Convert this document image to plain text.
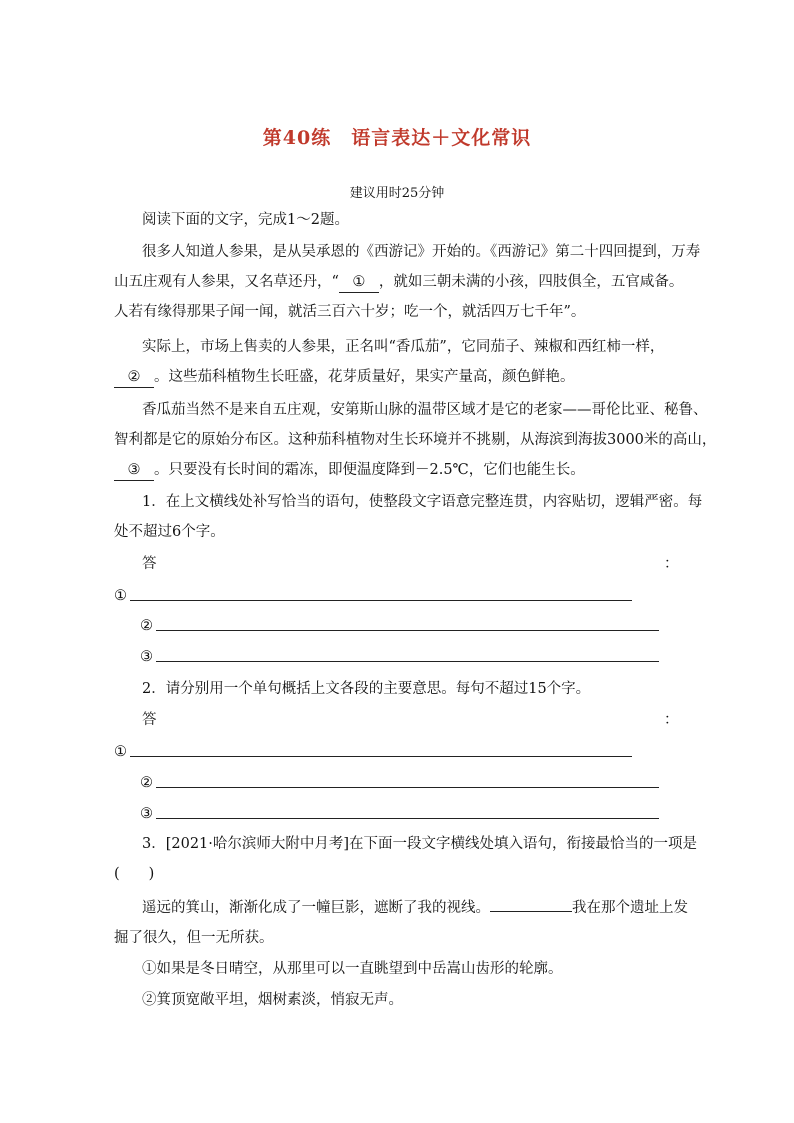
第40练　语言表达＋文化常识
建议用时25分钟
阅读下面的文字，完成1～2题。
很多人知道人参果，是从吴承恩的《西游记》开始的。《西游记》第二十四回提到，万寿
山五庄观有人参果，又名草还丹，“ ① ，就如三朝未满的小孩，四肢俱全，五官咸备。
人若有缘得那果子闻一闻，就活三百六十岁；吃一个，就活四万七千年”。
实际上，市场上售卖的人参果，正名叫“香瓜茄”，它同茄子、辣椒和西红柿一样，
② 。这些茄科植物生长旺盛，花芽质量好，果实产量高，颜色鲜艳。
香瓜茄当然不是来自五庄观，安第斯山脉的温带区域才是它的老家——哥伦比亚、秘鲁、
智利都是它的原始分布区。这种茄科植物对生长环境并不挑剔，从海滨到海拔3000米的高山，
③ 。只要没有长时间的霜冻，即便温度降到－2.5℃，它们也能生长。
1．在上文横线处补写恰当的语句，使整段文字语意完整连贯，内容贴切，逻辑严密。每
处不超过6个字。
答	：
①
②
③
2．请分别用一个单句概括上文各段的主要意思。每句不超过15个字。
答	：
①
②
③
3．[2021·哈尔滨师大附中月考]在下面一段文字横线处填入语句，衔接最恰当的一项是
(　　)
遥远的箕山，渐渐化成了一幢巨影，遮断了我的视线。	我在那个遗址上发
掘了很久，但一无所获。
①如果是冬日晴空，从那里可以一直眺望到中岳嵩山齿形的轮廓。
②箕顶宽敞平坦，烟树素淡，悄寂无声。
